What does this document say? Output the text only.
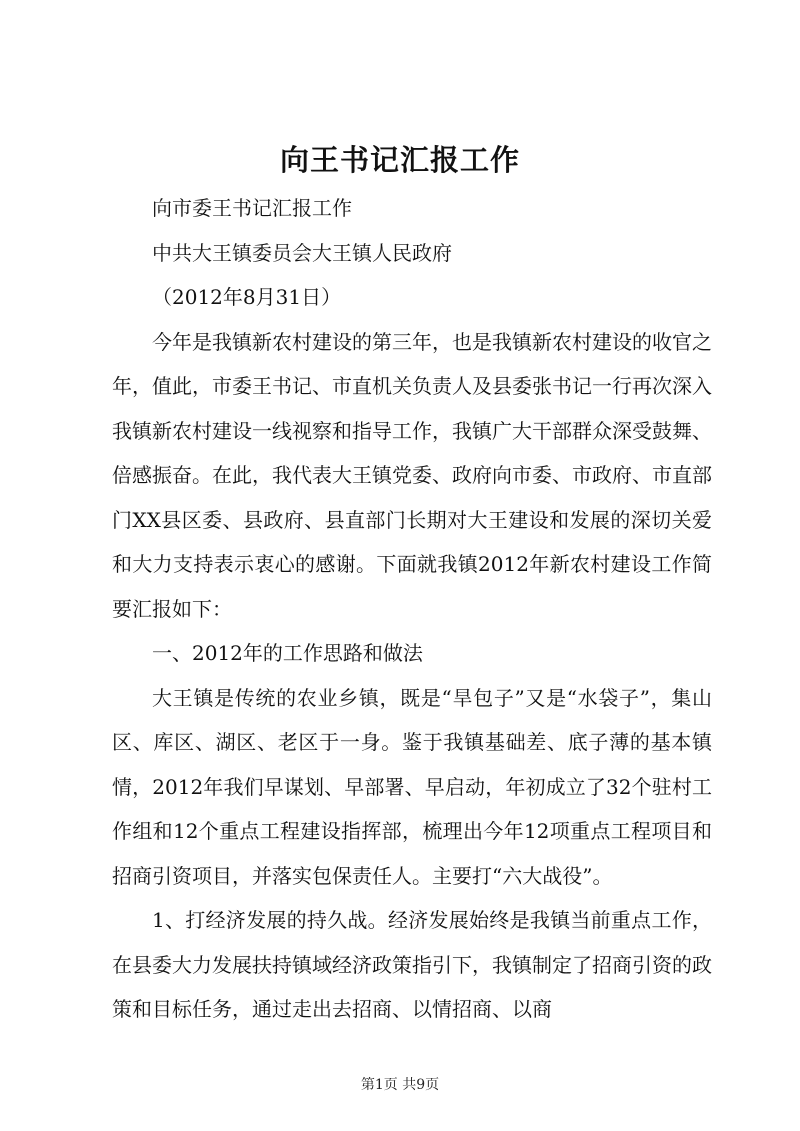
向王书记汇报工作

向市委王书记汇报工作

中共大王镇委员会大王镇人民政府

（2012年8月31日）

今年是我镇新农村建设的第三年，也是我镇新农村建设的收官之年，值此，市委王书记、市直机关负责人及县委张书记一行再次深入我镇新农村建设一线视察和指导工作，我镇广大干部群众深受鼓舞、倍感振奋。在此，我代表大王镇党委、政府向市委、市政府、市直部门XX县区委、县政府、县直部门长期对大王建设和发展的深切关爱和大力支持表示衷心的感谢。下面就我镇2012年新农村建设工作简要汇报如下：

一、2012年的工作思路和做法

大王镇是传统的农业乡镇，既是“旱包子”又是“水袋子”，集山区、库区、湖区、老区于一身。鉴于我镇基础差、底子薄的基本镇情，2012年我们早谋划、早部署、早启动，年初成立了32个驻村工作组和12个重点工程建设指挥部，梳理出今年12项重点工程项目和招商引资项目，并落实包保责任人。主要打“六大战役”。

1、打经济发展的持久战。经济发展始终是我镇当前重点工作，在县委大力发展扶持镇域经济政策指引下，我镇制定了招商引资的政策和目标任务，通过走出去招商、以情招商、以商

第1页 共9页
